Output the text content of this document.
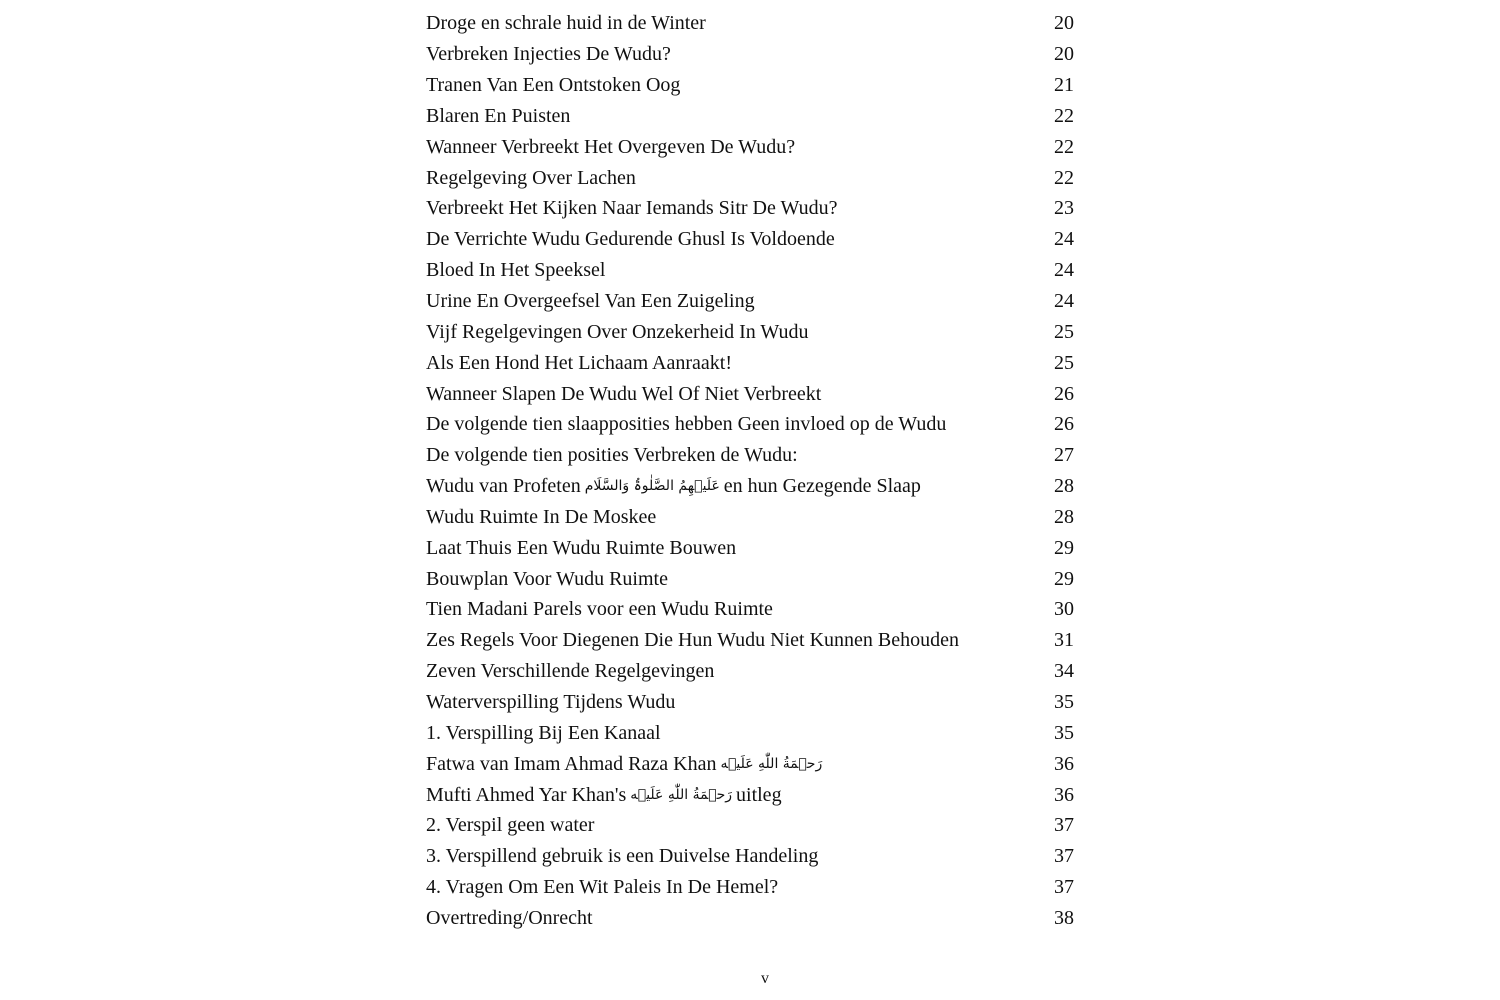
Droge en schrale huid in de Winter	20
Verbreken Injecties De Wudu?	20
Tranen Van Een Ontstoken Oog	21
Blaren En Puisten	22
Wanneer Verbreekt Het Overgeven De Wudu?	22
Regelgeving Over Lachen	22
Verbreekt Het Kijken Naar Iemands Sitr De Wudu?	23
De Verrichte Wudu Gedurende Ghusl Is Voldoende	24
Bloed In Het Speeksel	24
Urine En Overgeefsel Van Een Zuigeling	24
Vijf Regelgevingen Over Onzekerheid In Wudu	25
Als Een Hond Het Lichaam Aanraakt!	25
Wanneer Slapen De Wudu Wel Of Niet Verbreekt	26
De volgende tien slaapposities hebben Geen invloed op de Wudu	26
De volgende tien posities Verbreken de Wudu:	27
Wudu van Profeten عَلَيۡهِمُ الصَّلٰوۃُ وَالسَّلَام en hun Gezegende Slaap	28
Wudu Ruimte In De Moskee	28
Laat Thuis Een Wudu Ruimte Bouwen	29
Bouwplan Voor Wudu Ruimte	29
Tien Madani Parels voor een Wudu Ruimte	30
Zes Regels Voor Diegenen Die Hun Wudu Niet Kunnen Behouden	31
Zeven Verschillende Regelgevingen	34
Waterverspilling Tijdens Wudu	35
1. Verspilling Bij Een Kanaal	35
Fatwa van Imam Ahmad Raza Khan رَحۡمَةُ اللّٰهِ عَلَيۡه	36
Mufti Ahmed Yar Khan's رَحۡمَةُ اللّٰهِ عَلَيۡه uitleg	36
2. Verspil geen water	37
3. Verspillend gebruik is een Duivelse Handeling	37
4. Vragen Om Een Wit Paleis In De Hemel?	37
Overtreding/Onrecht	38
v
